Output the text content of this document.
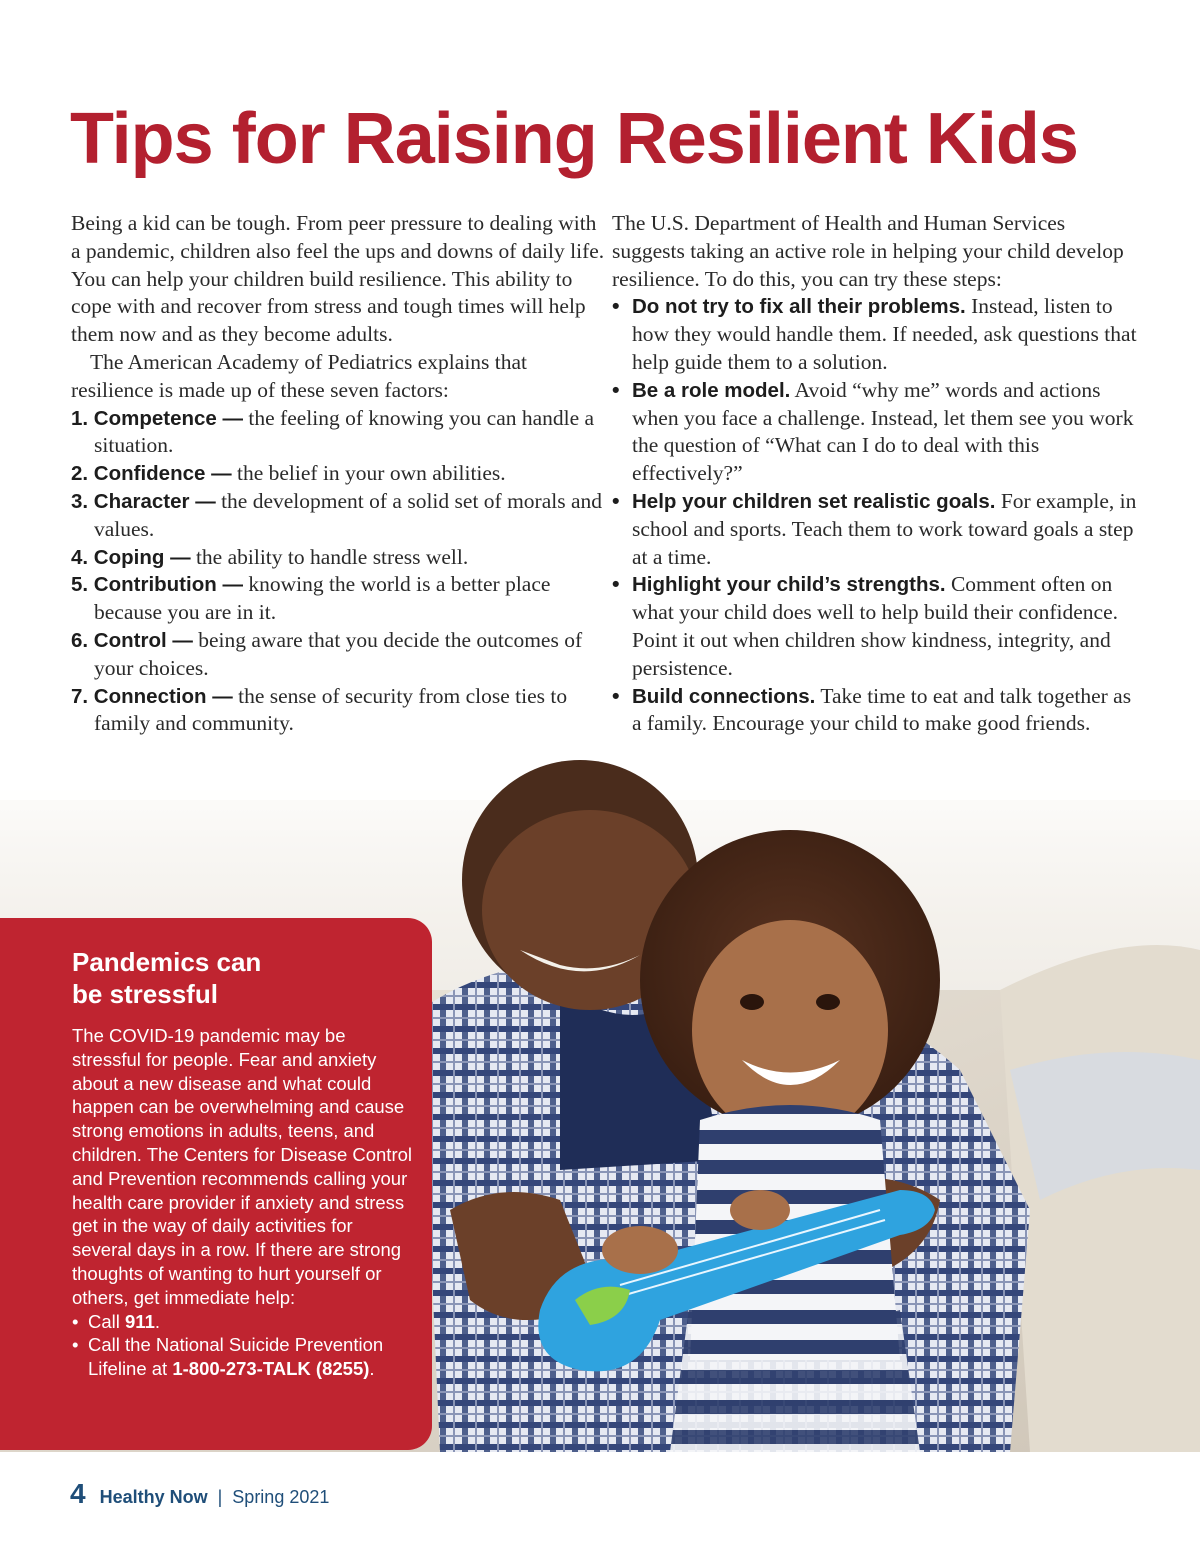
Tips for Raising Resilient Kids

Being a kid can be tough. From peer pressure to dealing with a pandemic, children also feel the ups and downs of daily life. You can help your children build resilience. This ability to cope with and recover from stress and tough times will help them now and as they become adults.

The American Academy of Pediatrics explains that resilience is made up of these seven factors:

1. Competence — the feeling of knowing you can handle a situation.
2. Confidence — the belief in your own abilities.
3. Character — the development of a solid set of morals and values.
4. Coping — the ability to handle stress well.
5. Contribution — knowing the world is a better place because you are in it.
6. Control — being aware that you decide the outcomes of your choices.
7. Connection — the sense of security from close ties to family and community.

The U.S. Department of Health and Human Services suggests taking an active role in helping your child develop resilience. To do this, you can try these steps:

• Do not try to fix all their problems. Instead, listen to how they would handle them. If needed, ask questions that help guide them to a solution.
• Be a role model. Avoid “why me” words and actions when you face a challenge. Instead, let them see you work the question of “What can I do to deal with this effectively?”
• Help your children set realistic goals. For example, in school and sports. Teach them to work toward goals a step at a time.
• Highlight your child’s strengths. Comment often on what your child does well to help build their confidence. Point it out when children show kindness, integrity, and persistence.
• Build connections. Take time to eat and talk together as a family. Encourage your child to make good friends.
Pandemics can
be stressful

The COVID-19 pandemic may be stressful for people. Fear and anxiety about a new disease and what could happen can be overwhelming and cause strong emotions in adults, teens, and children. The Centers for Disease Control and Prevention recommends calling your health care provider if anxiety and stress get in the way of daily activities for several days in a row. If there are strong thoughts of wanting to hurt yourself or others, get immediate help:

• Call 911.
• Call the National Suicide Prevention Lifeline at 1-800-273-TALK (8255).
4 Healthy Now | Spring 2021
